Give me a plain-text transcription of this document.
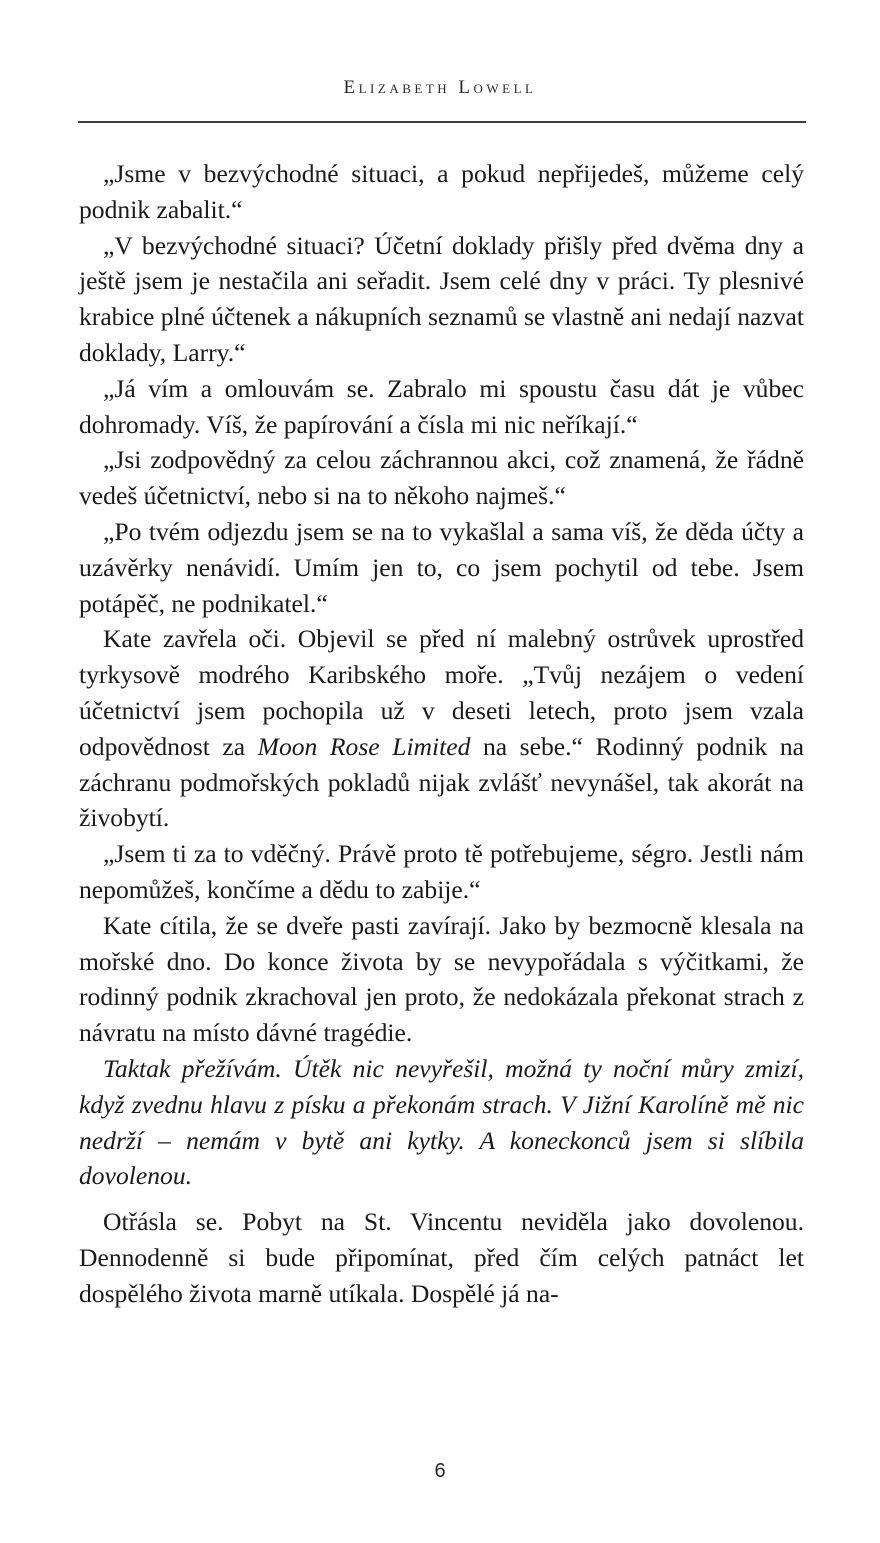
Elizabeth Lowell

„Jsme v bezvýchodné situaci, a pokud nepřijedeš, můžeme celý podnik zabalit.“

„V bezvýchodné situaci? Účetní doklady přišly před dvěma dny a ještě jsem je nestačila ani seřadit. Jsem celé dny v práci. Ty plesnivé krabice plné účtenek a nákupních seznamů se vlastně ani nedají nazvat doklady, Larry.“

„Já vím a omlouvám se. Zabralo mi spoustu času dát je vůbec dohromady. Víš, že papírování a čísla mi nic neříkají.“

„Jsi zodpovědný za celou záchrannou akci, což znamená, že řádně vedeš účetnictví, nebo si na to někoho najmeš.“

„Po tvém odjezdu jsem se na to vykašlal a sama víš, že děda účty a uzávěrky nenávidí. Umím jen to, co jsem pochytil od tebe. Jsem potápěč, ne podnikatel.“

Kate zavřela oči. Objevil se před ní malebný ostrůvek uprostřed tyrkysově modrého Karibského moře. „Tvůj nezájem o vedení účetnictví jsem pochopila už v deseti letech, proto jsem vzala odpovědnost za Moon Rose Limited na sebe.“ Rodinný podnik na záchranu podmořských pokladů nijak zvlášť nevynášel, tak akorát na živobytí.

„Jsem ti za to vděčný. Právě proto tě potřebujeme, ségro. Jestli nám nepomůžeš, končíme a dědu to zabije.“

Kate cítila, že se dveře pasti zavírají. Jako by bezmocně klesala na mořské dno. Do konce života by se nevypořádala s výčitkami, že rodinný podnik zkrachoval jen proto, že nedokázala překonat strach z návratu na místo dávné tragédie.

Taktak přežívám. Útěk nic nevyřešil, možná ty noční můry zmizí, když zvednu hlavu z písku a překonám strach. V Jižní Karolíně mě nic nedrží – nemám v bytě ani kytky. A koneckonců jsem si slíbila dovolenou.

Otřásla se. Pobyt na St. Vincentu neviděla jako dovolenou. Dennodenně si bude připomínat, před čím celých patnáct let dospělého života marně utíkala. Dospělé já na-

6
